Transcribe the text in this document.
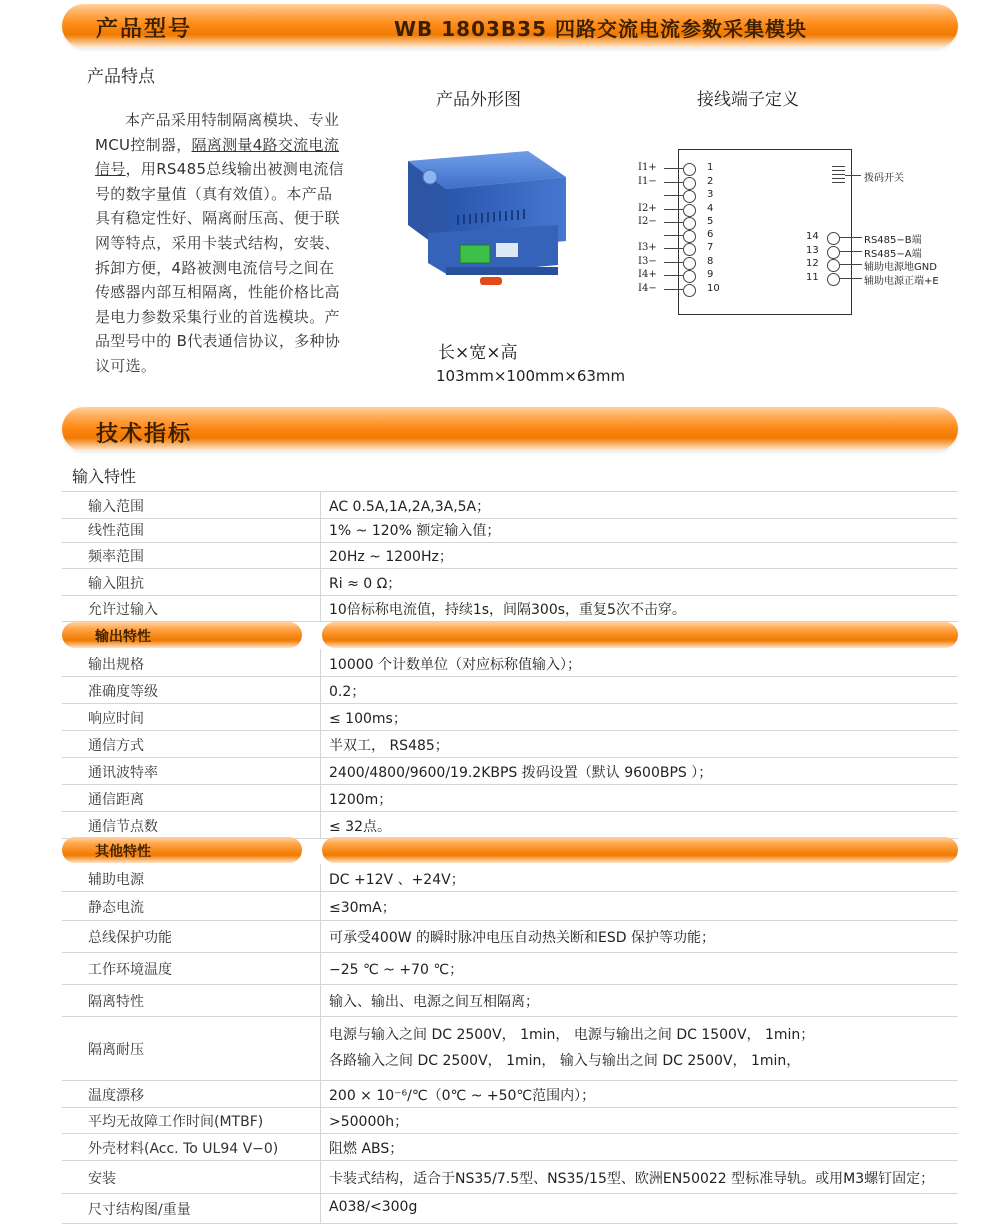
产品型号	WB 1803B35 四路交流电流参数采集模块
产品特点
本产品采用特制隔离模块、专业MCU控制器，隔离测量4路交流电流信号，用RS485总线输出被测电流信号的数字量值（真有效值）。本产品具有稳定性好、隔离耐压高、便于联网等特点，采用卡装式结构，安装、拆卸方便，4路被测电流信号之间在传感器内部互相隔离，性能价格比高 是电力参数采集行业的首选模块。产品型号中的 B代表通信协议，多种协议可选。
产品外形图
长×宽×高
103mm×100mm×63mm
接线端子定义
1
I1+
2
I1−
3
4
I2+
5
I2−
6
7
I3+
8
I3−
9
I4+
10
I4−
拨码开关
14	RS485−B端
13	RS485−A端
12	辅助电源地GND
11	辅助电源正端+E
技术指标
输入特性
输入范围	AC 0.5A,1A,2A,3A,5A；
线性范围	1% ~ 120% 额定输入值；
频率范围	20Hz ~ 1200Hz；
输入阻抗	Ri ≈ 0 Ω；
允许过输入	10倍标称电流值，持续1s，间隔300s，重复5次不击穿。
输出特性
输出规格	10000 个计数单位（对应标称值输入）；
准确度等级	0.2；
响应时间	≤ 100ms；
通信方式	半双工， RS485；
通讯波特率	2400/4800/9600/19.2KBPS 拨码设置（默认 9600BPS ）；
通信距离	1200m；
通信节点数	≤ 32点。
其他特性
辅助电源	DC +12V 、+24V；
静态电流	≤30mA；
总线保护功能	可承受400W 的瞬时脉冲电压自动热关断和ESD 保护等功能；
工作环境温度	−25 ℃ ~ +70 ℃；
隔离特性	输入、输出、电源之间互相隔离；
隔离耐压
电源与输入之间 DC 2500V， 1min， 电源与输出之间 DC 1500V， 1min；
各路输入之间 DC 2500V， 1min， 输入与输出之间 DC 2500V， 1min，
温度漂移	200 × 10⁻⁶/℃（0℃ ~ +50℃范围内）；
平均无故障工作时间(MTBF)	>50000h；
外壳材料(Acc. To UL94 V−0)	阻燃 ABS；
安装	卡装式结构，适合于NS35/7.5型、NS35/15型、欧洲EN50022 型标准导轨。或用M3螺钉固定；
尺寸结构图/重量	A038/<300g
